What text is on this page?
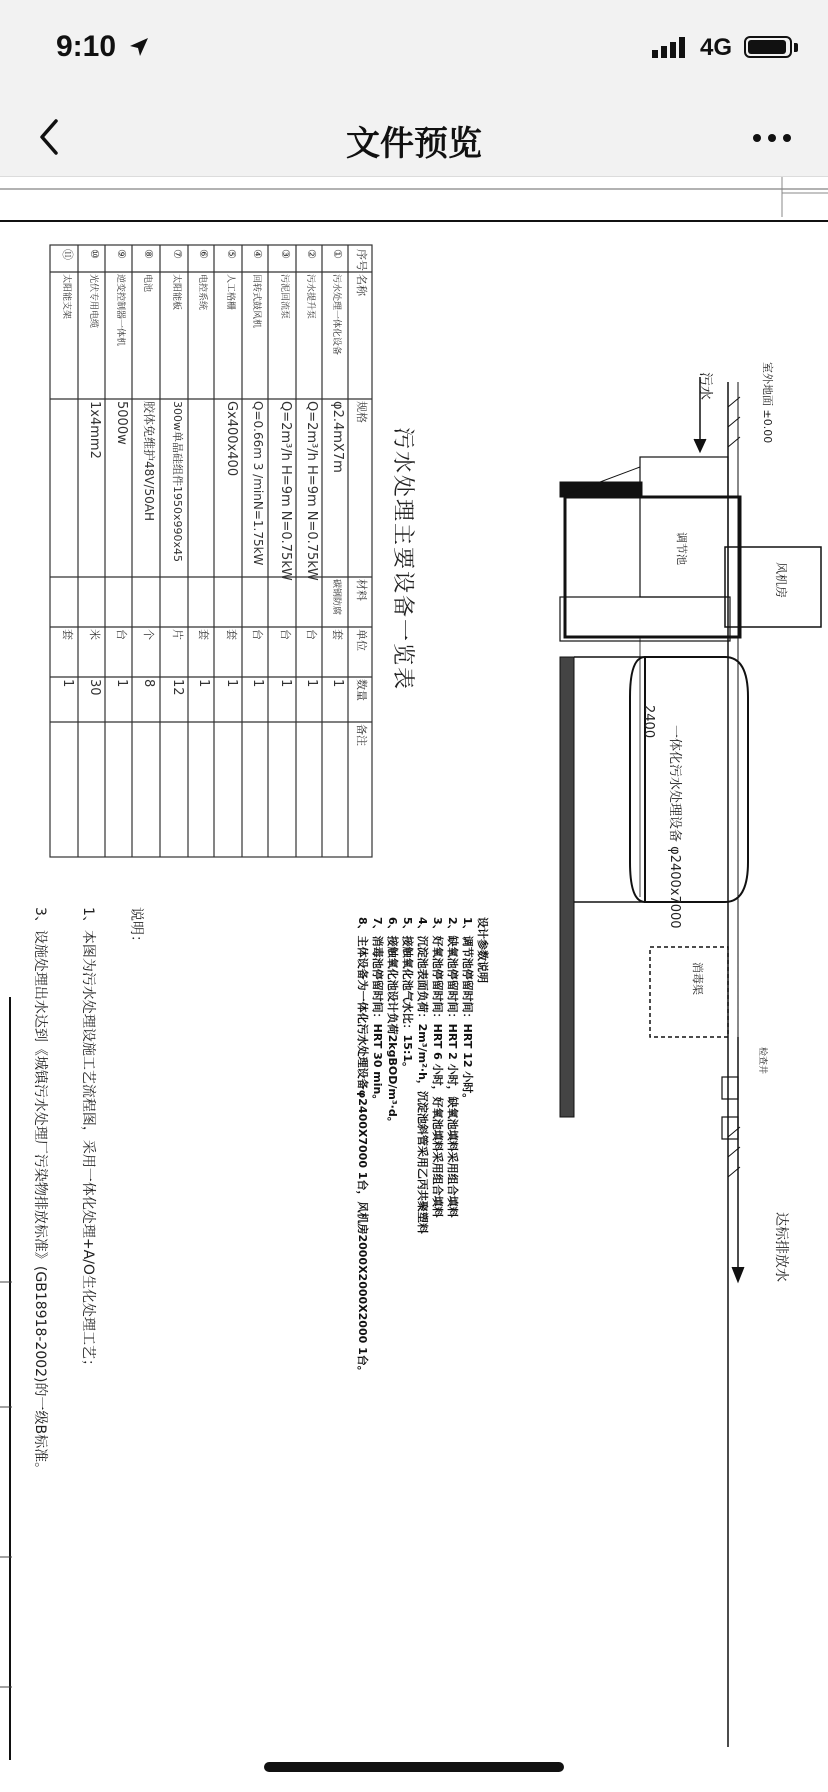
9:10	4G
文件预览
污水处理主要设备一览表
序号名称规格材料单位数量备注
①污水处理一体化设备φ2.4mX7m碳钢防腐套1
②污水提升泵Q=2m³/h H=9m N=0.75kW台1
③污泥回流泵Q=2m³/h H=9m N=0.75kW台1
④回转式鼓风机Q=0.66m 3 /minN=1.75kW台1
⑤人工格栅Gx400x400套1
⑥电控系统套1
⑦太阳能板300w单晶硅组件1950x990x45片12
⑧电池胶体免维护48V/50AH个8
⑨逆变控制器一体机5000w台1
⑩光伏专用电缆1x4mm2米30
⑪太阳能支架套1
室外地面 ±0.00
污水
调节池
风机房
2400
一体化污水处理设备 φ2400x7000
消毒渠
检查井
达标排放水
设计参数说明
1、调节池停留时间：HRT 12 小时。
2、缺氧池停留时间：HRT 2 小时，缺氧池填料采用组合填料
3、好氧池停留时间：HRT 6 小时，好氧池填料采用组合填料
4、沉淀池表面负荷：2m³/m²·h，沉淀池斜管采用乙丙共聚塑料
5、接触氧化池气水比：15:1。
6、接触氧化池设计负荷2kgBOD/m³·d。
7、消毒池停留时间：HRT 30 min。
8、主体设备为一体化污水处理设备φ2400X7000 1台，风机房2000X2000X2000 1台。
说明：
1、本图为污水处理设施工艺流程图，采用一体化处理+A/O生化处理工艺；
3、设施处理出水达到《城镇污水处理厂污染物排放标准》(GB18918-2002)的一级B标准。
